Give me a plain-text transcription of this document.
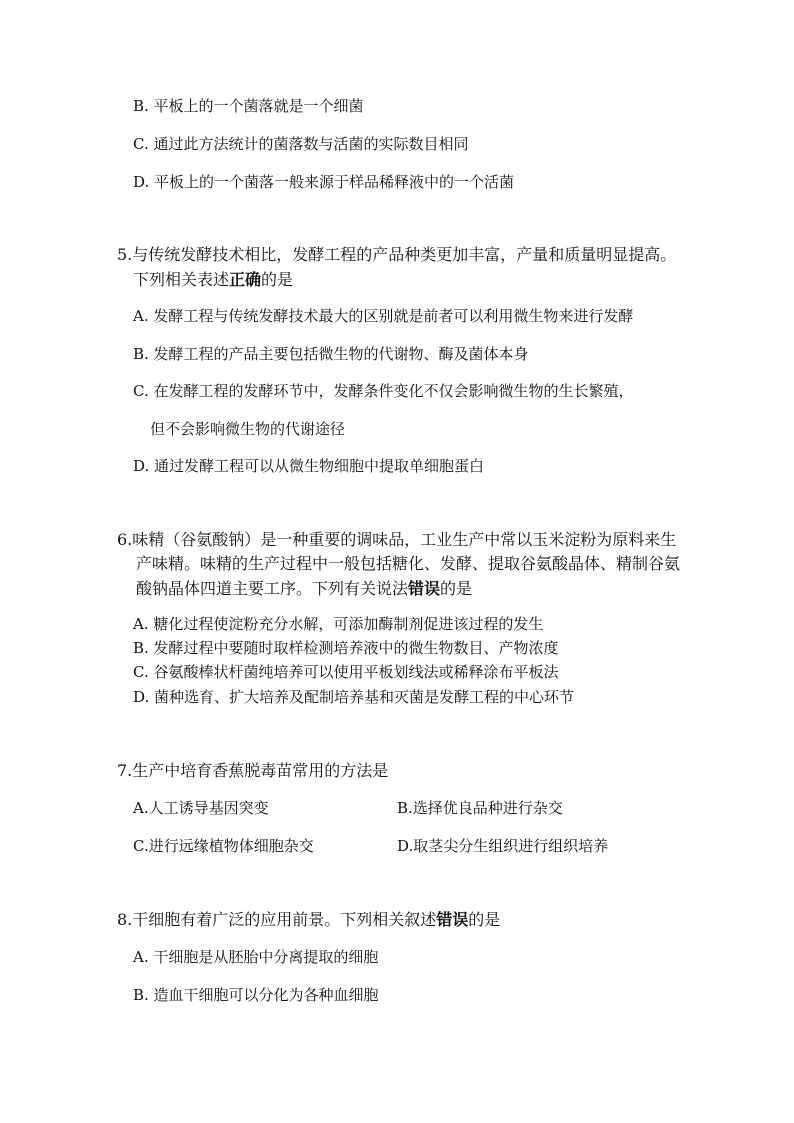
B. 平板上的一个菌落就是一个细菌
C. 通过此方法统计的菌落数与活菌的实际数目相同
D. 平板上的一个菌落一般来源于样品稀释液中的一个活菌
5.与传统发酵技术相比，发酵工程的产品种类更加丰富，产量和质量明显提高。
下列相关表述正确的是
A. 发酵工程与传统发酵技术最大的区别就是前者可以利用微生物来进行发酵
B. 发酵工程的产品主要包括微生物的代谢物、酶及菌体本身
C. 在发酵工程的发酵环节中，发酵条件变化不仅会影响微生物的生长繁殖，
但不会影响微生物的代谢途径
D. 通过发酵工程可以从微生物细胞中提取单细胞蛋白
6.味精（谷氨酸钠）是一种重要的调味品，工业生产中常以玉米淀粉为原料来生
产味精。味精的生产过程中一般包括糖化、发酵、提取谷氨酸晶体、精制谷氨
酸钠晶体四道主要工序。下列有关说法错误的是
A. 糖化过程使淀粉充分水解，可添加酶制剂促进该过程的发生
B. 发酵过程中要随时取样检测培养液中的微生物数目、产物浓度
C. 谷氨酸棒状杆菌纯培养可以使用平板划线法或稀释涂布平板法
D. 菌种选育、扩大培养及配制培养基和灭菌是发酵工程的中心环节
7.生产中培育香蕉脱毒苗常用的方法是
A.人工诱导基因突变	B.选择优良品种进行杂交
C.进行远缘植物体细胞杂交	D.取茎尖分生组织进行组织培养
8.干细胞有着广泛的应用前景。下列相关叙述错误的是
A. 干细胞是从胚胎中分离提取的细胞
B. 造血干细胞可以分化为各种血细胞
